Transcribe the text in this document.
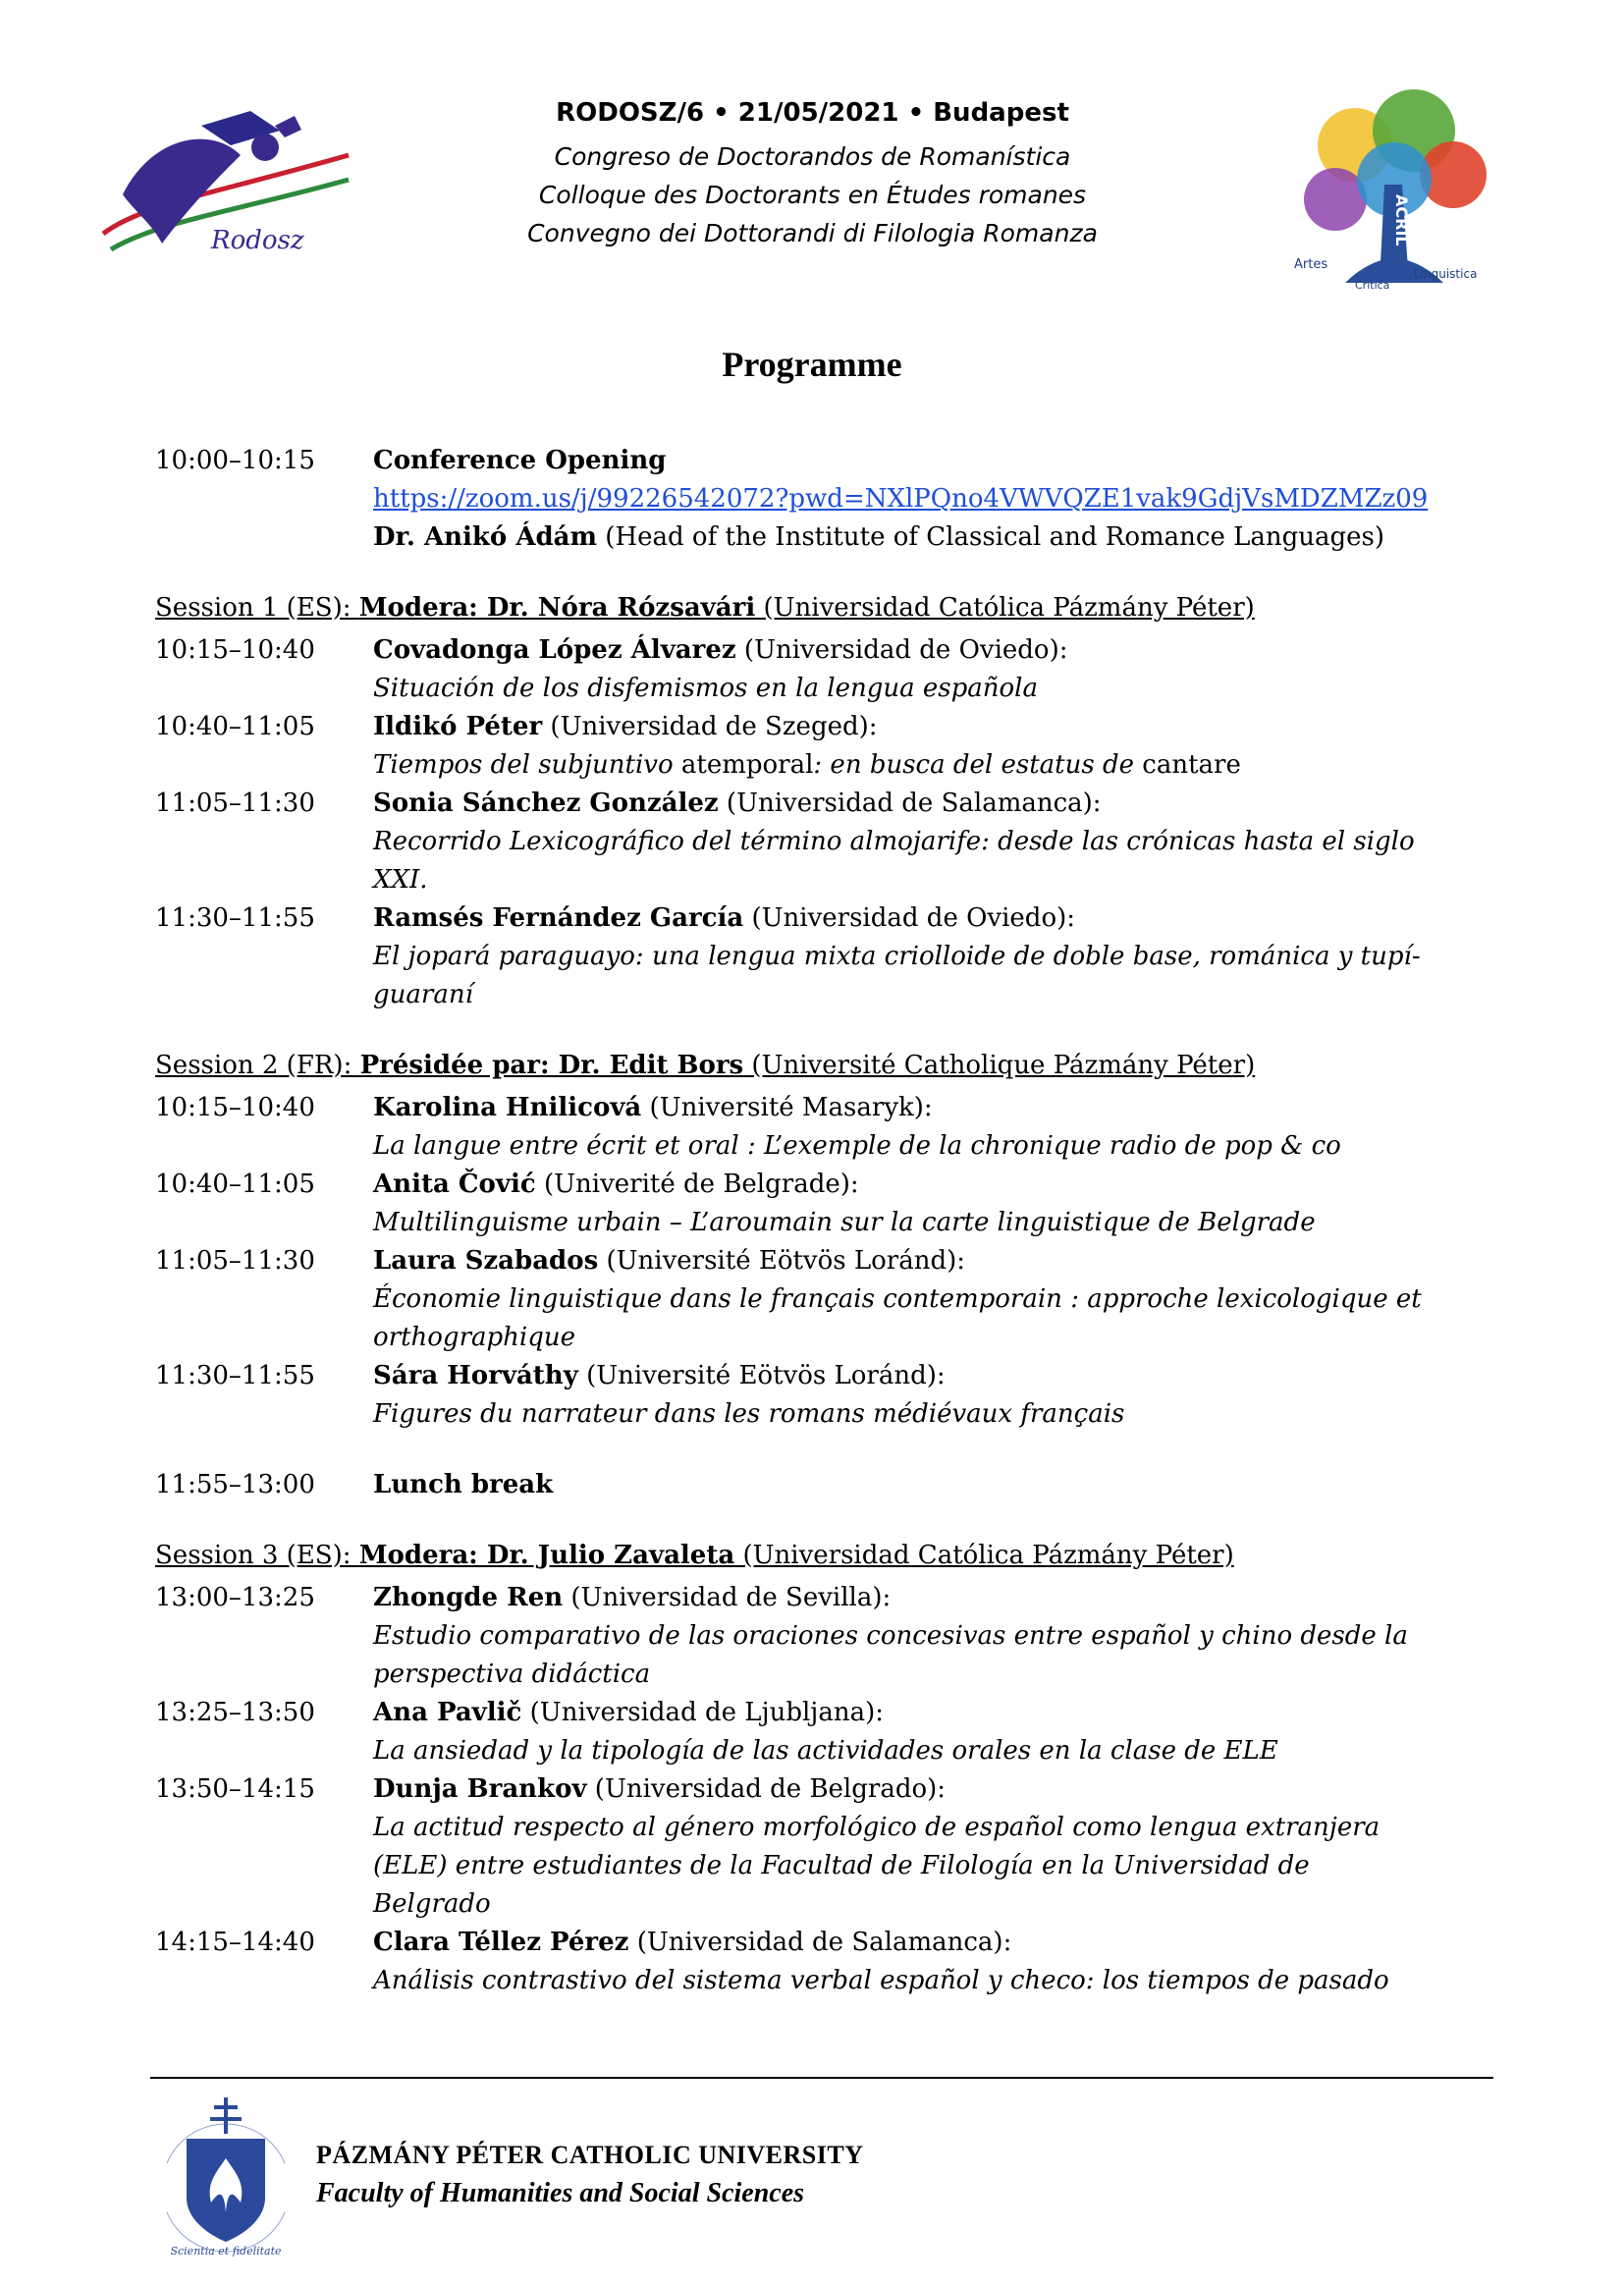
Rodosz
RODOSZ/6 • 21/05/2021 • Budapest
Congreso de Doctorandos de Romanística
Colloque des Doctorants en Études romanes
Convegno dei Dottorandi di Filologia Romanza	ACRIL
Artes
Critica
Linguistica
Programme
10:00–10:15	Conference Opening
https://zoom.us/j/99226542072?pwd=NXlPQno4VWVQZE1vak9GdjVsMDZMZz09
Dr. Anikó Ádám (Head of the Institute of Classical and Romance Languages)
Session 1 (ES): Modera: Dr. Nóra Rózsavári (Universidad Católica Pázmány Péter)
10:15–10:40	Covadonga López Álvarez (Universidad de Oviedo):
Situación de los disfemismos en la lengua española
10:40–11:05	Ildikó Péter (Universidad de Szeged):
Tiempos del subjuntivo atemporal: en busca del estatus de cantare
11:05–11:30	Sonia Sánchez González (Universidad de Salamanca):
Recorrido Lexicográfico del término almojarife: desde las crónicas hasta el siglo
XXI.
11:30–11:55	Ramsés Fernández García (Universidad de Oviedo):
El jopará paraguayo: una lengua mixta criolloide de doble base, románica y tupí-
guaraní
Session 2 (FR): Présidée par: Dr. Edit Bors (Université Catholique Pázmány Péter)
10:15–10:40	Karolina Hnilicová (Université Masaryk):
La langue entre écrit et oral : L’exemple de la chronique radio de pop & co
10:40–11:05	Anita Čović (Univerité de Belgrade):
Multilinguisme urbain – L’aroumain sur la carte linguistique de Belgrade
11:05–11:30	Laura Szabados (Université Eötvös Loránd):
Économie linguistique dans le français contemporain : approche lexicologique et
orthographique
11:30–11:55	Sára Horváthy (Université Eötvös Loránd):
Figures du narrateur dans les romans médiévaux français
11:55–13:00	Lunch break
Session 3 (ES): Modera: Dr. Julio Zavaleta (Universidad Católica Pázmány Péter)
13:00–13:25	Zhongde Ren (Universidad de Sevilla):
Estudio comparativo de las oraciones concesivas entre español y chino desde la
perspectiva didáctica
13:25–13:50	Ana Pavlič (Universidad de Ljubljana):
La ansiedad y la tipología de las actividades orales en la clase de ELE
13:50–14:15	Dunja Brankov (Universidad de Belgrado):
La actitud respecto al género morfológico de español como lengua extranjera
(ELE) entre estudiantes de la Facultad de Filología en la Universidad de
Belgrado
14:15–14:40	Clara Téllez Pérez (Universidad de Salamanca):
Análisis contrastivo del sistema verbal español y checo: los tiempos de pasado
Scientia et fidelitate
PÁZMÁNY PÉTER CATHOLIC UNIVERSITY
Faculty of Humanities and Social Sciences
